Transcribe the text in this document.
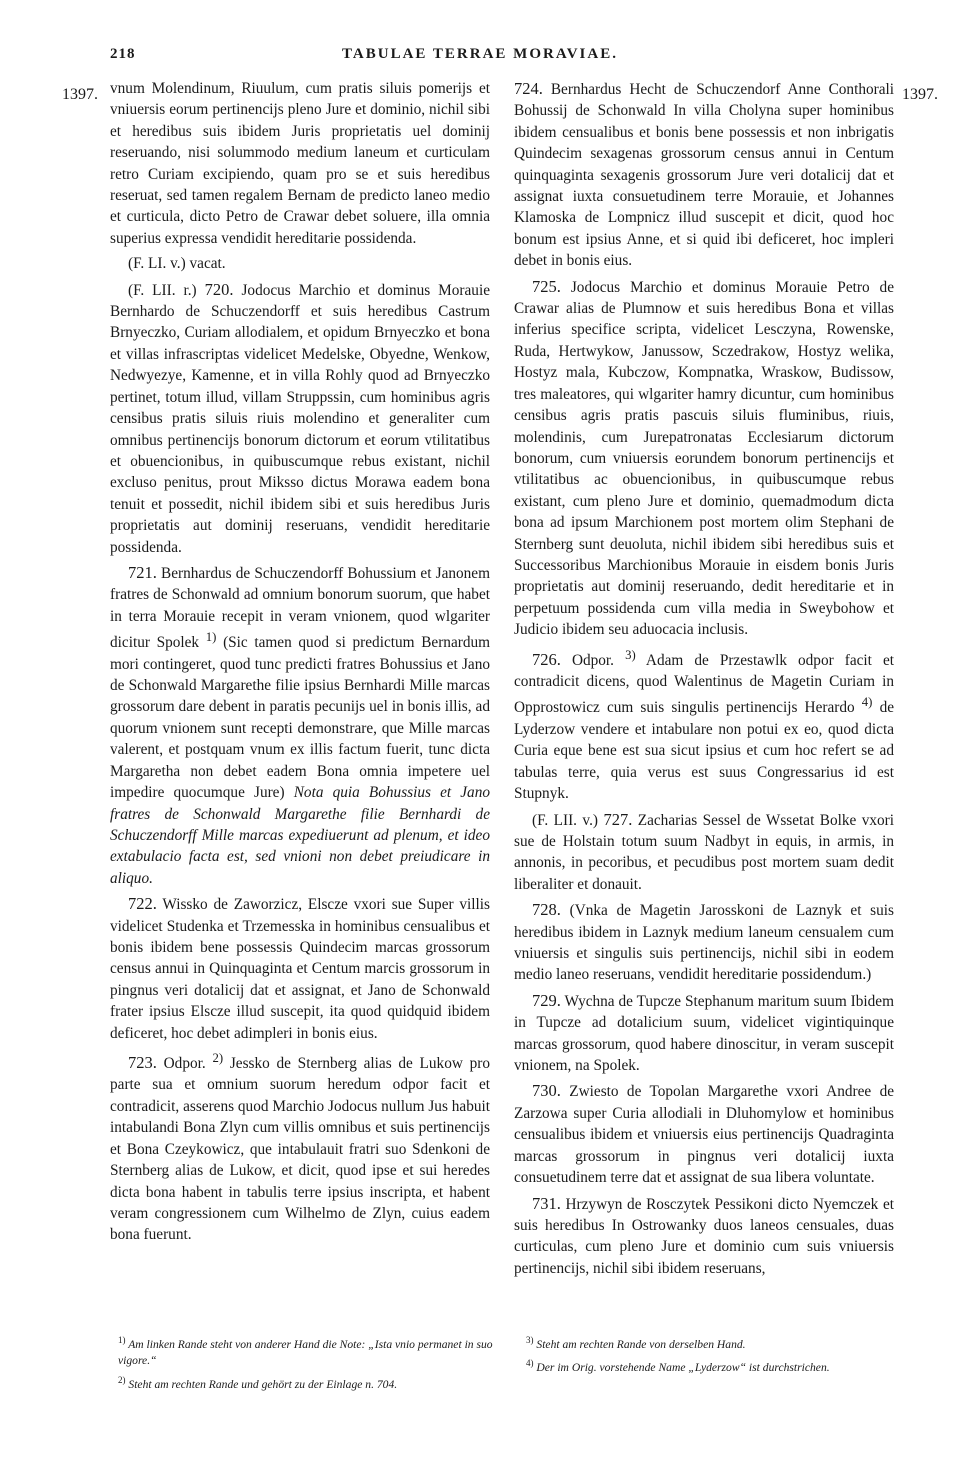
218	TABULAE TERRAE MORAVIAE.
1397.	1397.

vnum Molendinum, Riuulum, cum pratis siluis pomerijs et vniuersis eorum pertinencijs pleno Jure et dominio, nichil sibi et heredibus suis ibidem Juris proprietatis uel dominij reseruando, nisi solummodo medium laneum et curticulam retro Curiam excipiendo, quam pro se et suis heredibus reseruat, sed tamen regalem Bernam de predicto laneo medio et curticula, dicto Petro de Crawar debet soluere, illa omnia superius expressa vendidit hereditarie possidenda.

(F. LI. v.) vacat.

(F. LII. r.) 720. Jodocus Marchio et dominus Morauie Bernhardo de Schuczendorff et suis heredibus Castrum Brnyeczko, Curiam allodialem, et opidum Brnyeczko et bona et villas infrascriptas videlicet Medelske, Obyedne, Wenkow, Nedwyezye, Kamenne, et in villa Rohly quod ad Brnyeczko pertinet, totum illud, villam Struppssin, cum hominibus agris censibus pratis siluis riuis molendino et generaliter cum omnibus pertinencijs bonorum dictorum et eorum vtilitatibus et obuencionibus, in quibuscumque rebus existant, nichil excluso penitus, prout Miksso dictus Morawa eadem bona tenuit et possedit, nichil ibidem sibi et suis heredibus Juris proprietatis aut dominij reseruans, vendidit hereditarie possidenda.

721. Bernhardus de Schuczendorff Bohussium et Janonem fratres de Schonwald ad omnium bonorum suorum, que habet in terra Morauie recepit in veram vnionem, quod wlgariter dicitur Spolek $^{1)}$ (Sic tamen quod si predictum Bernardum mori contingeret, quod tunc predicti fratres Bohussius et Jano de Schonwald Margarethe filie ipsius Bernhardi Mille marcas grossorum dare debent in paratis pecunijs uel in bonis illis, ad quorum vnionem sunt recepti demonstrare, que Mille marcas valerent, et postquam vnum ex illis factum fuerit, tunc dicta Margaretha non debet eadem Bona omnia impetere uel impedire quocumque Jure) Nota quia Bohussius et Jano fratres de Schonwald Margarethe filie Bernhardi de Schuczendorff Mille marcas expediuerunt ad plenum, et ideo extabulacio facta est, sed vnioni non debet preiudicare in aliquo.

722. Wissko de Zaworzicz, Elscze vxori sue Super villis videlicet Studenka et Trzemesska in hominibus censualibus et bonis ibidem bene possessis Quindecim marcas grossorum census annui in Quinquaginta et Centum marcis grossorum in pingnus veri dotalicij dat et assignat, et Jano de Schonwald frater ipsius Elscze illud suscepit, ita quod quidquid ibidem deficeret, hoc debet adimpleri in bonis eius.

723. Odpor. $^{2)}$ Jessko de Sternberg alias de Lukow pro parte sua et omnium suorum heredum odpor facit et contradicit, asserens quod Marchio Jodocus nullum Jus habuit intabulandi Bona Zlyn cum villis omnibus et suis pertinencijs et Bona Czeykowicz, que intabulauit fratri suo Sdenkoni de Sternberg alias de Lukow, et dicit, quod ipse et sui heredes dicta bona habent in tabulis terre ipsius inscripta, et habent veram congressionem cum Wilhelmo de Zlyn, cuius eadem bona fuerunt.

724. Bernhardus Hecht de Schuczendorf Anne Conthorali Bohussij de Schonwald In villa Cholyna super hominibus ibidem censualibus et bonis bene possessis et non inbrigatis Quindecim sexagenas grossorum census annui in Centum quinquaginta sexagenis grossorum Jure veri dotalicij dat et assignat iuxta consuetudinem terre Morauie, et Johannes Klamoska de Lompnicz illud suscepit et dicit, quod hoc bonum est ipsius Anne, et si quid ibi deficeret, hoc impleri debet in bonis eius.

725. Jodocus Marchio et dominus Morauie Petro de Crawar alias de Plumnow et suis heredibus Bona et villas inferius specifice scripta, videlicet Lesczyna, Rowenske, Ruda, Hertwykow, Janussow, Sczedrakow, Hostyz welika, Hostyz mala, Kubczow, Kompnatka, Wraskow, Budissow, tres maleatores, qui wlgariter hamry dicuntur, cum hominibus censibus agris pratis pascuis siluis fluminibus, riuis, molendinis, cum Jurepatronatas Ecclesiarum dictorum bonorum, cum vniuersis eorundem bonorum pertinencijs et vtilitatibus ac obuencionibus, in quibuscumque rebus existant, cum pleno Jure et dominio, quemadmodum dicta bona ad ipsum Marchionem post mortem olim Stephani de Sternberg sunt deuoluta, nichil ibidem sibi heredibus suis et Successoribus Marchionibus Morauie in eisdem bonis Juris proprietatis aut dominij reseruando, dedit hereditarie et in perpetuum possidenda cum villa media in Sweybohow et Judicio ibidem seu aduocacia inclusis.

726. Odpor. $^{3)}$ Adam de Przestawlk odpor facit et contradicit dicens, quod Walentinus de Magetin Curiam in Opprostowicz cum suis singulis pertinencijs Herardo $^{4)}$ de Lyderzow vendere et intabulare non potui ex eo, quod dicta Curia eque bene est sua sicut ipsius et cum hoc refert se ad tabulas terre, quia verus est suus Congressarius id est Stupnyk.

(F. LII. v.) 727. Zacharias Sessel de Wssetat Bolke vxori sue de Holstain totum suum Nadbyt in equis, in armis, in annonis, in pecoribus, et pecudibus post mortem suam dedit liberaliter et donauit.

728. (Vnka de Magetin Jarosskoni de Laznyk et suis heredibus ibidem in Laznyk medium laneum censualem cum vniuersis et singulis suis pertinencijs, nichil sibi in eodem medio laneo reseruans, vendidit hereditarie possidendum.)

729. Wychna de Tupcze Stephanum maritum suum Ibidem in Tupcze ad dotalicium suum, videlicet vigintiquinque marcas grossorum, quod habere dinoscitur, in veram suscepit vnionem, na Spolek.

730. Zwiesto de Topolan Margarethe vxori Andree de Zarzowa super Curia allodiali in Dluhomylow et hominibus censualibus ibidem et vniuersis eius pertinencijs Quadraginta marcas grossorum in pingnus veri dotalicij iuxta consuetudinem terre dat et assignat de sua libera voluntate.

731. Hrzywyn de Rosczytek Pessikoni dicto Nyemczek et suis heredibus In Ostrowanky duos laneos censuales, duas curticulas, cum pleno Jure et dominio cum suis vniuersis pertinencijs, nichil sibi ibidem reseruans,

$^{1)}$ Am linken Rande steht von anderer Hand die Note: „Ista vnio permanet in suo vigore.“
$^{2)}$ Steht am rechten Rande und gehört zu der Einlage n. 704.
$^{3)}$ Steht am rechten Rande von derselben Hand.
$^{4)}$ Der im Orig. vorstehende Name „Lyderzow“ ist durchstrichen.
